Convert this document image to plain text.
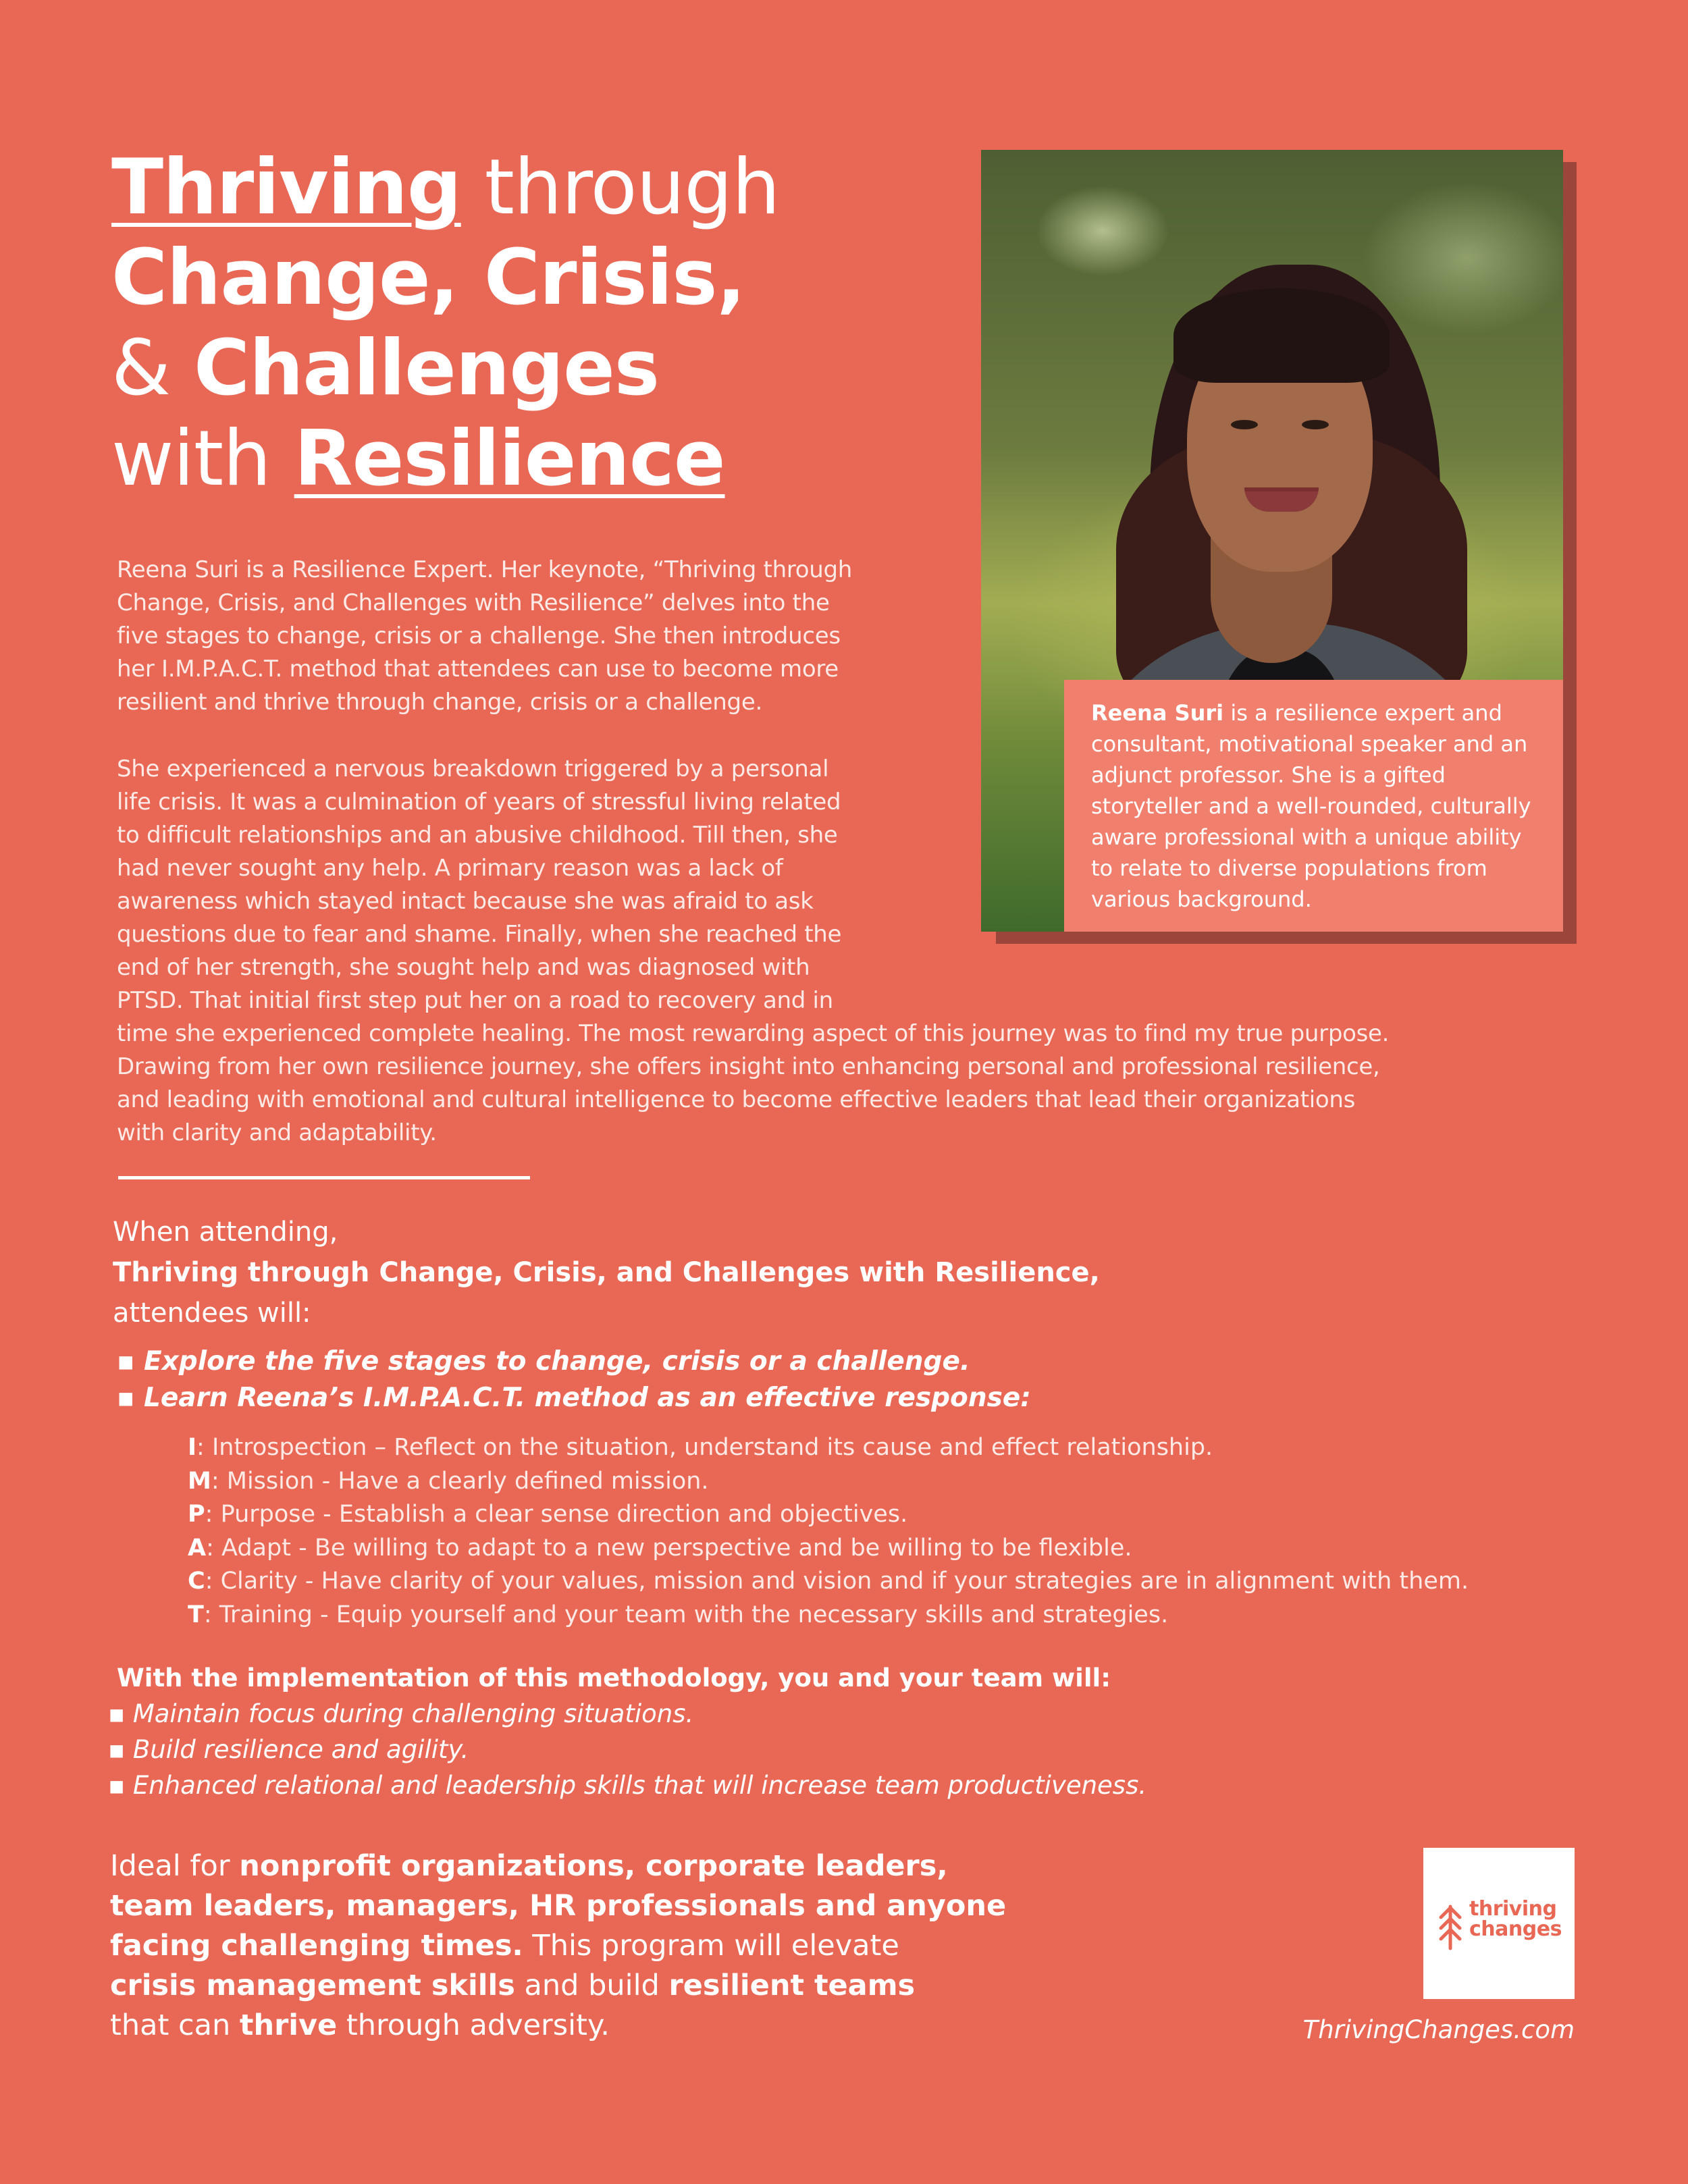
Thriving through
Change, Crisis,
& Challenges
with Resilience
Reena Suri is a resilience expert and consultant, motivational speaker and an adjunct professor. She is a gifted storyteller and a well-rounded, culturally aware professional with a unique ability to relate to diverse populations from various background.
Reena Suri is a Resilience Expert. Her keynote, “Thriving through
Change, Crisis, and Challenges with Resilience” delves into the
five stages to change, crisis or a challenge. She then introduces
her I.M.P.A.C.T. method that attendees can use to become more
resilient and thrive through change, crisis or a challenge.
She experienced a nervous breakdown triggered by a personal
life crisis. It was a culmination of years of stressful living related
to difficult relationships and an abusive childhood. Till then, she
had never sought any help. A primary reason was a lack of
awareness which stayed intact because she was afraid to ask
questions due to fear and shame. Finally, when she reached the
end of her strength, she sought help and was diagnosed with
PTSD. That initial first step put her on a road to recovery and in
time she experienced complete healing. The most rewarding aspect of this journey was to find my true purpose.
Drawing from her own resilience journey, she offers insight into enhancing personal and professional resilience,
and leading with emotional and cultural intelligence to become effective leaders that lead their organizations
with clarity and adaptability.
When attending,
Thriving through Change, Crisis, and Challenges with Resilience,
attendees will:
▪ Explore the five stages to change, crisis or a challenge.
▪ Learn Reena’s I.M.P.A.C.T. method as an effective response:
I: Introspection – Reflect on the situation, understand its cause and effect relationship.
M: Mission - Have a clearly defined mission.
P: Purpose - Establish a clear sense direction and objectives.
A: Adapt - Be willing to adapt to a new perspective and be willing to be flexible.
C: Clarity - Have clarity of your values, mission and vision and if your strategies are in alignment with them.
T: Training - Equip yourself and your team with the necessary skills and strategies.
With the implementation of this methodology, you and your team will:
▪ Maintain focus during challenging situations.
▪ Build resilience and agility.
▪ Enhanced relational and leadership skills that will increase team productiveness.
Ideal for nonprofit organizations, corporate leaders,
team leaders, managers, HR professionals and anyone
facing challenging times. This program will elevate
crisis management skills and build resilient teams
that can thrive through adversity.
thriving
changes
ThrivingChanges.com
